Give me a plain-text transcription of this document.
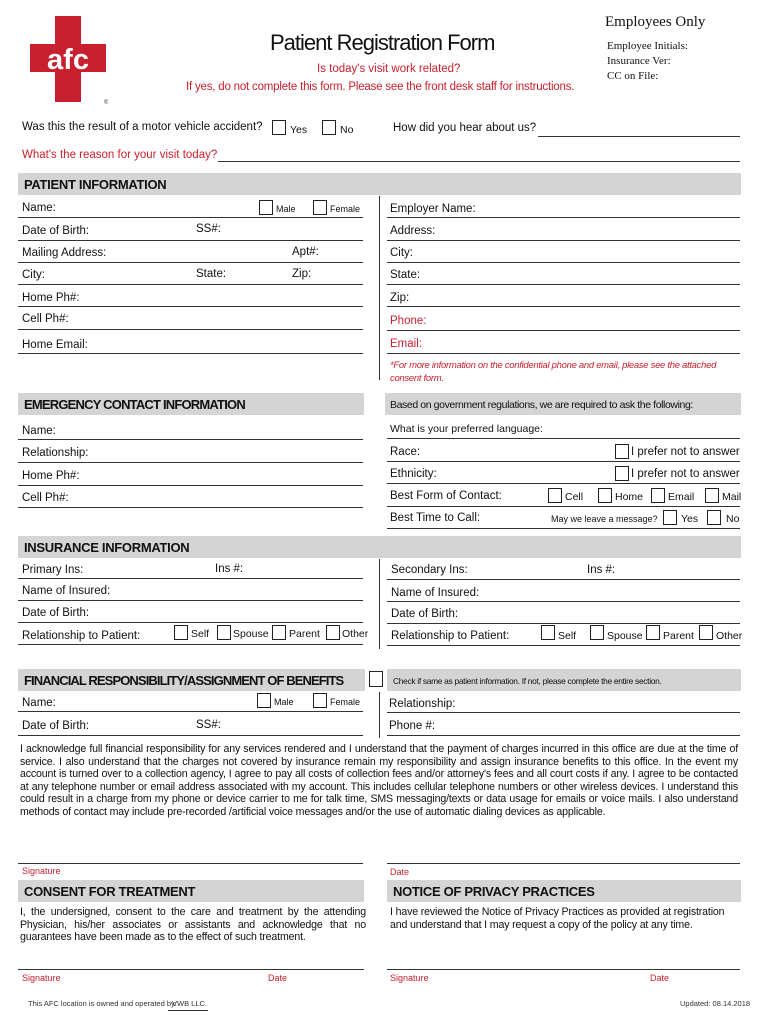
afc
®
Patient Registration Form
Is today's visit work related?
If yes, do not complete this form. Please see the front desk staff for instructions.
Employees Only
Employee Initials:
Insurance Ver:
CC on File:
Was this the result of a motor vehicle accident?	Yes	No	How did you hear about us?
What's the reason for your visit today?
PATIENT INFORMATION
Name:	Male	Female
Date of Birth:	SS#:
Mailing Address:	Apt#:
City:	State:	Zip:
Home Ph#:
Cell Ph#:
Home Email:
Employer Name:
Address:
City:
State:
Zip:
Phone:
Email:
*For more information on the confidential phone and email, please see the attached consent form.
EMERGENCY CONTACT INFORMATION
Name:
Relationship:
Home Ph#:
Cell Ph#:
Based on government regulations, we are required to ask the following:
What is your preferred language:
Race:	I prefer not to answer
Ethnicity:	I prefer not to answer
Best Form of Contact:	Cell	Home Email	Mail
Best Time to Call:	May we leave a message? Yes	No
INSURANCE INFORMATION
Primary Ins:	Ins #:
Name of Insured:
Date of Birth:
Relationship to Patient:	Self Spouse Parent Other
Secondary Ins:	Ins #:
Name of Insured:
Date of Birth:
Relationship to Patient:	Self	Spouse Parent Other
FINANCIAL RESPONSIBILITY/ASSIGNMENT OF BENEFITS	Check if same as patient information. If not, please complete the entire section.
Name:	Male	Female	Relationship:
Date of Birth:	SS#:	Phone #:
I acknowledge full financial responsibility for any services rendered and I understand that the payment of charges incurred in this office are due at the time of service. I also understand that the charges not covered by insurance remain my responsibility and assign insurance benefits to this office. In the event my account is turned over to a collection agency, I agree to pay all costs of collection fees and/or attorney's fees and all court costs if any. I agree to be contacted at any telephone number or email address associated with my account. This includes cellular telephone numbers or other wireless devices. I understand this could result in a charge from my phone or device carrier to me for talk time, SMS messaging/texts or data usage for emails or voice mails. I also understand methods of contact may include pre-recorded /artificial voice messages and/or the use of automatic dialing devices as applicable.
Signature	Date
CONSENT FOR TREATMENT
I, the undersigned, consent to the care and treatment by the attending Physician, his/her associates or assistants and acknowledge that no guarantees have been made as to the effect of such treatment.
Signature	Date
NOTICE OF PRIVACY PRACTICES
I have reviewed the Notice of Privacy Practices as provided at registration and understand that I may request a copy of the policy at any time.
Signature	Date
This AFC location is owned and operated by:
VWB LLC.	Updated: 08.14.2018
